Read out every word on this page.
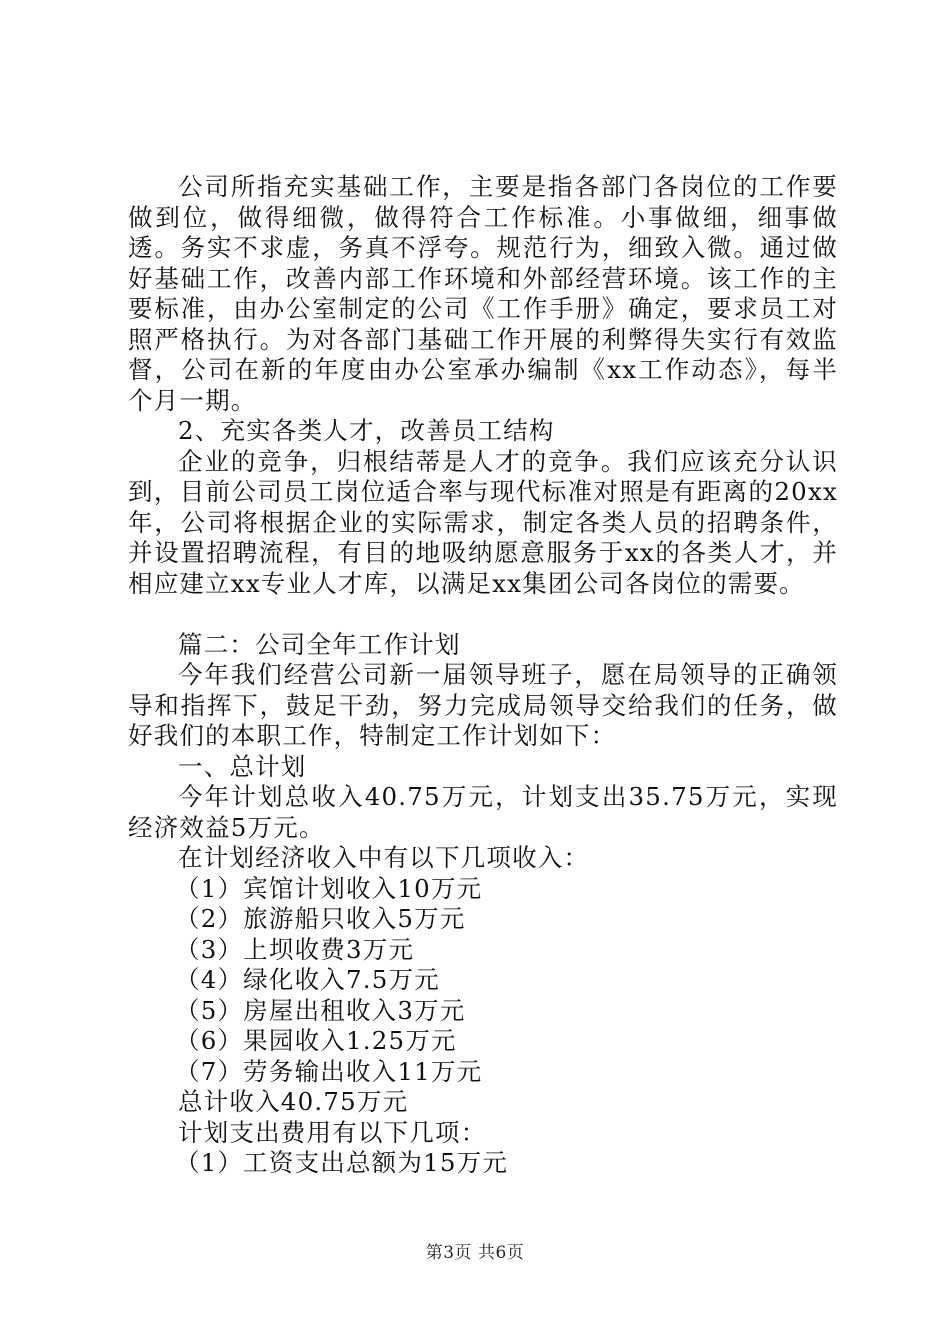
公司所指充实基础工作，主要是指各部门各岗位的工作要做到位，做得细微，做得符合工作标准。小事做细，细事做透。务实不求虚，务真不浮夸。规范行为，细致入微。通过做好基础工作，改善内部工作环境和外部经营环境。该工作的主要标准，由办公室制定的公司《工作手册》确定，要求员工对照严格执行。为对各部门基础工作开展的利弊得失实行有效监督，公司在新的年度由办公室承办编制《xx工作动态》，每半个月一期。

2、充实各类人才，改善员工结构

企业的竞争，归根结蒂是人才的竞争。我们应该充分认识到，目前公司员工岗位适合率与现代标准对照是有距离的20xx年，公司将根据企业的实际需求，制定各类人员的招聘条件，并设置招聘流程，有目的地吸纳愿意服务于xx的各类人才，并相应建立xx专业人才库，以满足xx集团公司各岗位的需要。

篇二：公司全年工作计划

今年我们经营公司新一届领导班子，愿在局领导的正确领导和指挥下，鼓足干劲，努力完成局领导交给我们的任务，做好我们的本职工作，特制定工作计划如下：

一、总计划

今年计划总收入40.75万元，计划支出35.75万元，实现经济效益5万元。

在计划经济收入中有以下几项收入：

（1）宾馆计划收入10万元

（2）旅游船只收入5万元

（3）上坝收费3万元

（4）绿化收入7.5万元

（5）房屋出租收入3万元

（6）果园收入1.25万元

（7）劳务输出收入11万元

总计收入40.75万元

计划支出费用有以下几项：

（1）工资支出总额为15万元

第3页 共6页
